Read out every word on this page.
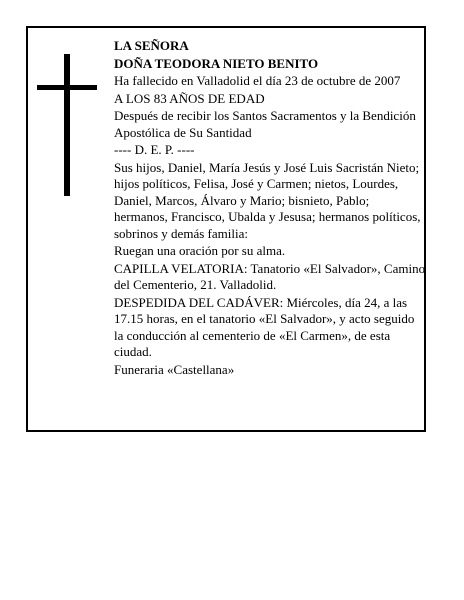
LA SEÑORA

DOÑA TEODORA NIETO BENITO

Ha fallecido en Valladolid el día 23 de octubre de 2007

A LOS 83 AÑOS DE EDAD

Después de recibir los Santos Sacramentos y la Bendición Apostólica de Su Santidad

---- D. E. P. ----

Sus hijos, Daniel, María Jesús y José Luis Sacristán Nieto; hijos políticos, Felisa, José y Carmen; nietos, Lourdes, Daniel, Marcos, Álvaro y Mario; bisnieto, Pablo; hermanos, Francisco, Ubalda y Jesusa; hermanos políticos, sobrinos y demás familia:

Ruegan una oración por su alma.

CAPILLA VELATORIA: Tanatorio «El Salvador», Camino del Cementerio, 21. Valladolid.

DESPEDIDA DEL CADÁVER: Miércoles, día 24, a las 17.15 horas, en el tanatorio «El Salvador», y acto seguido la conducción al cementerio de «El Carmen», de esta ciudad.

Funeraria «Castellana»
